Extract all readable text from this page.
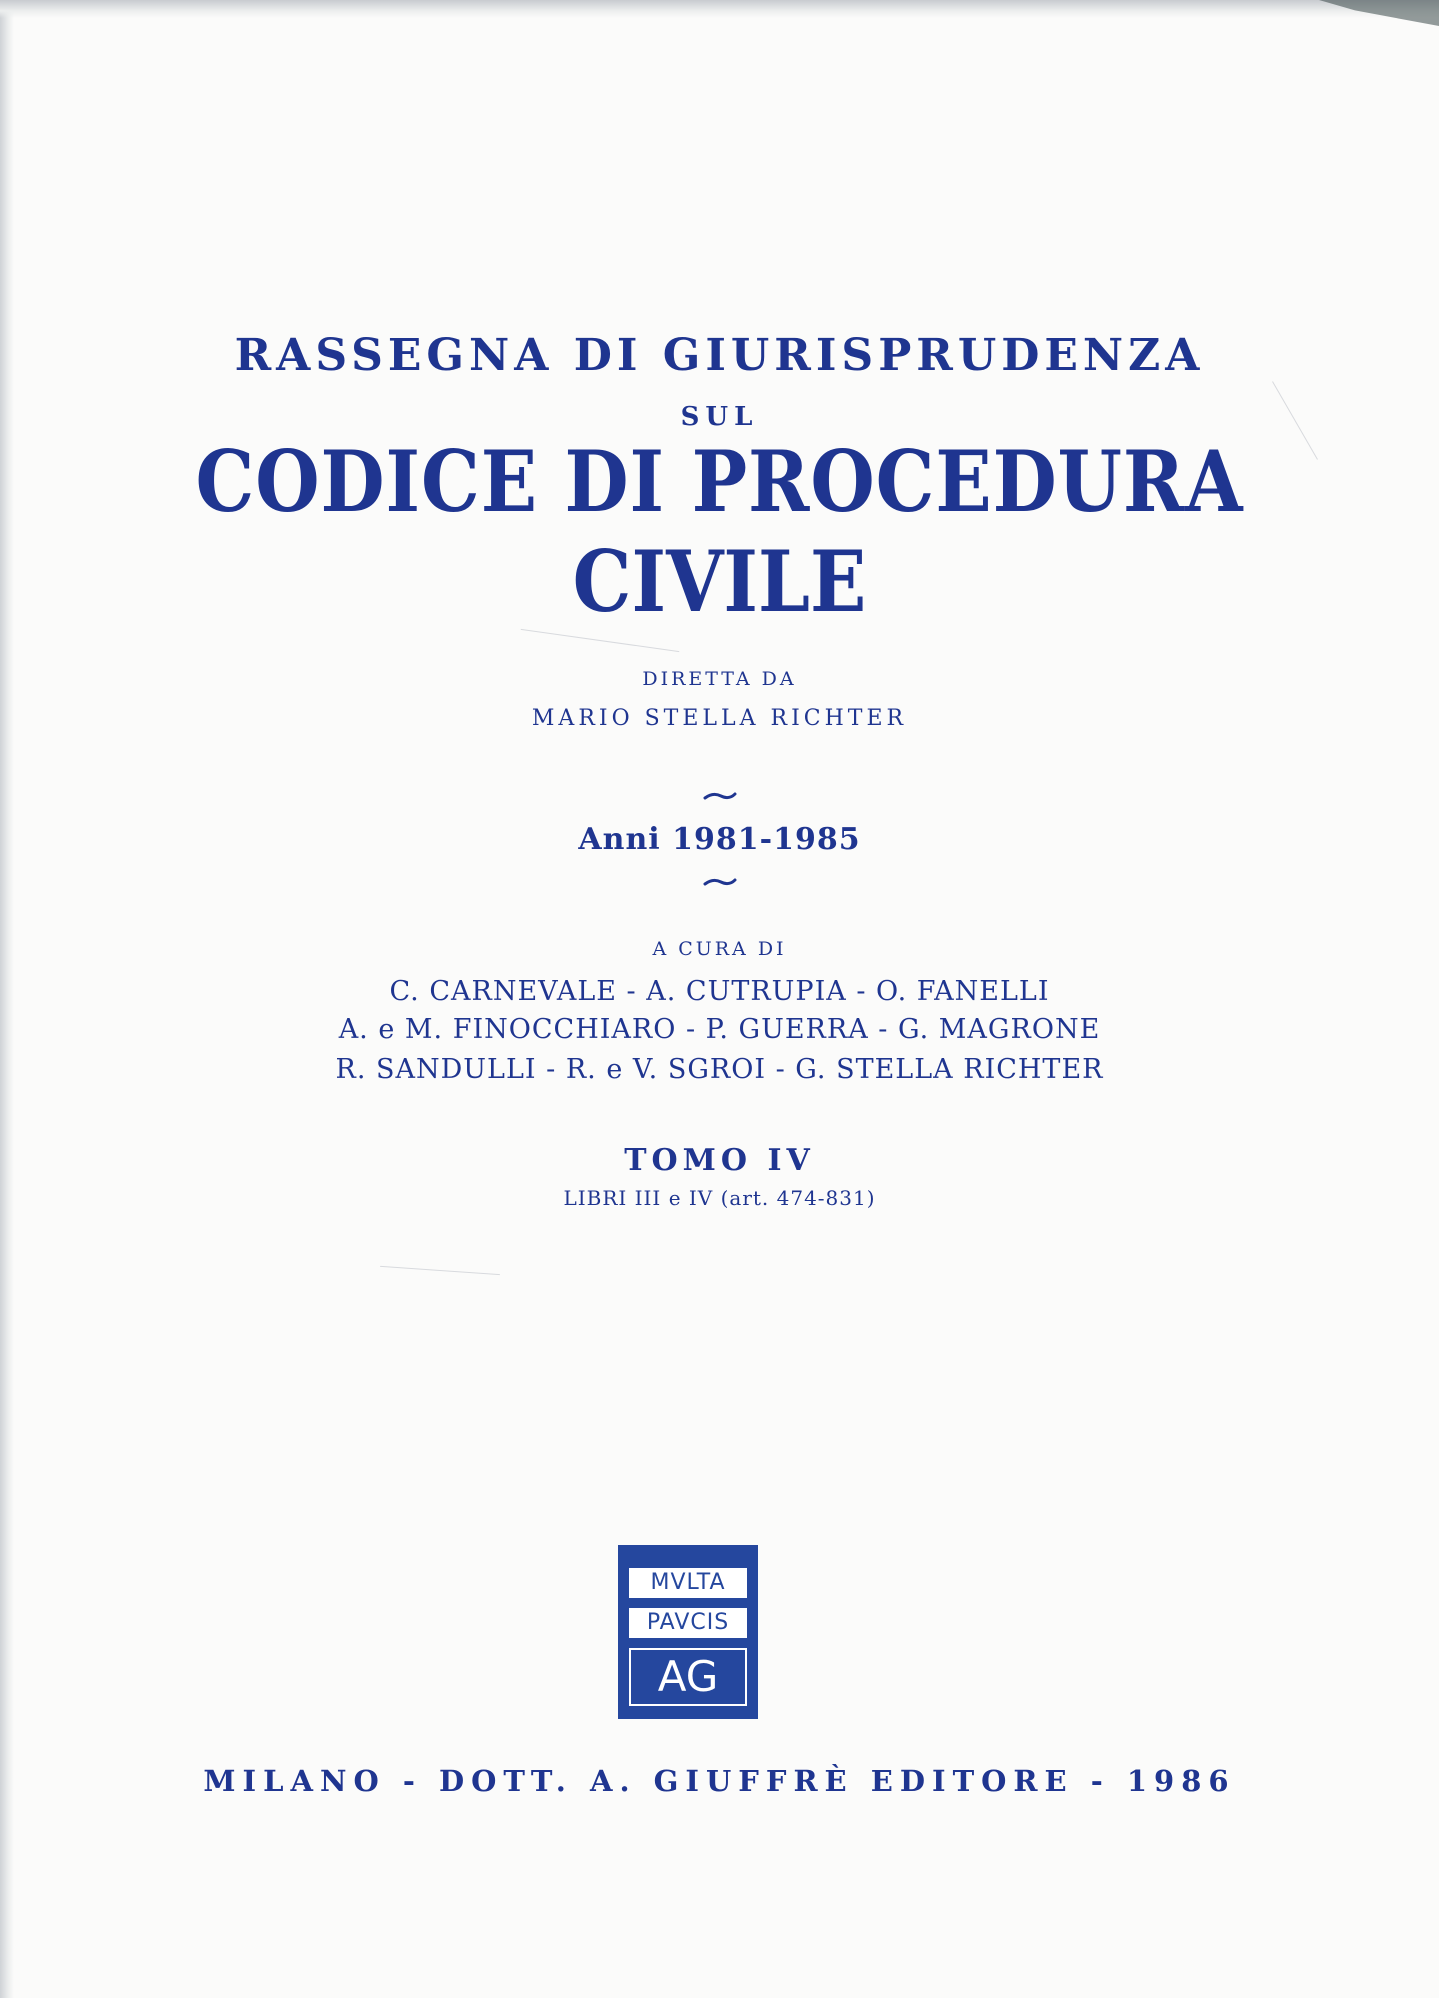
RASSEGNA DI GIURISPRUDENZA
SUL
CODICE DI PROCEDURA
CIVILE
DIRETTA DA
MARIO STELLA RICHTER
Anni 1981-1985
A CURA DI
C. CARNEVALE - A. CUTRUPIA - O. FANELLI
A. e M. FINOCCHIARO - P. GUERRA - G. MAGRONE
R. SANDULLI - R. e V. SGROI - G. STELLA RICHTER
TOMO IV
LIBRI III e IV (art. 474-831)
MVLTA
PAVCIS
AG
MILANO - DOTT. A. GIUFFRÈ EDITORE - 1986
